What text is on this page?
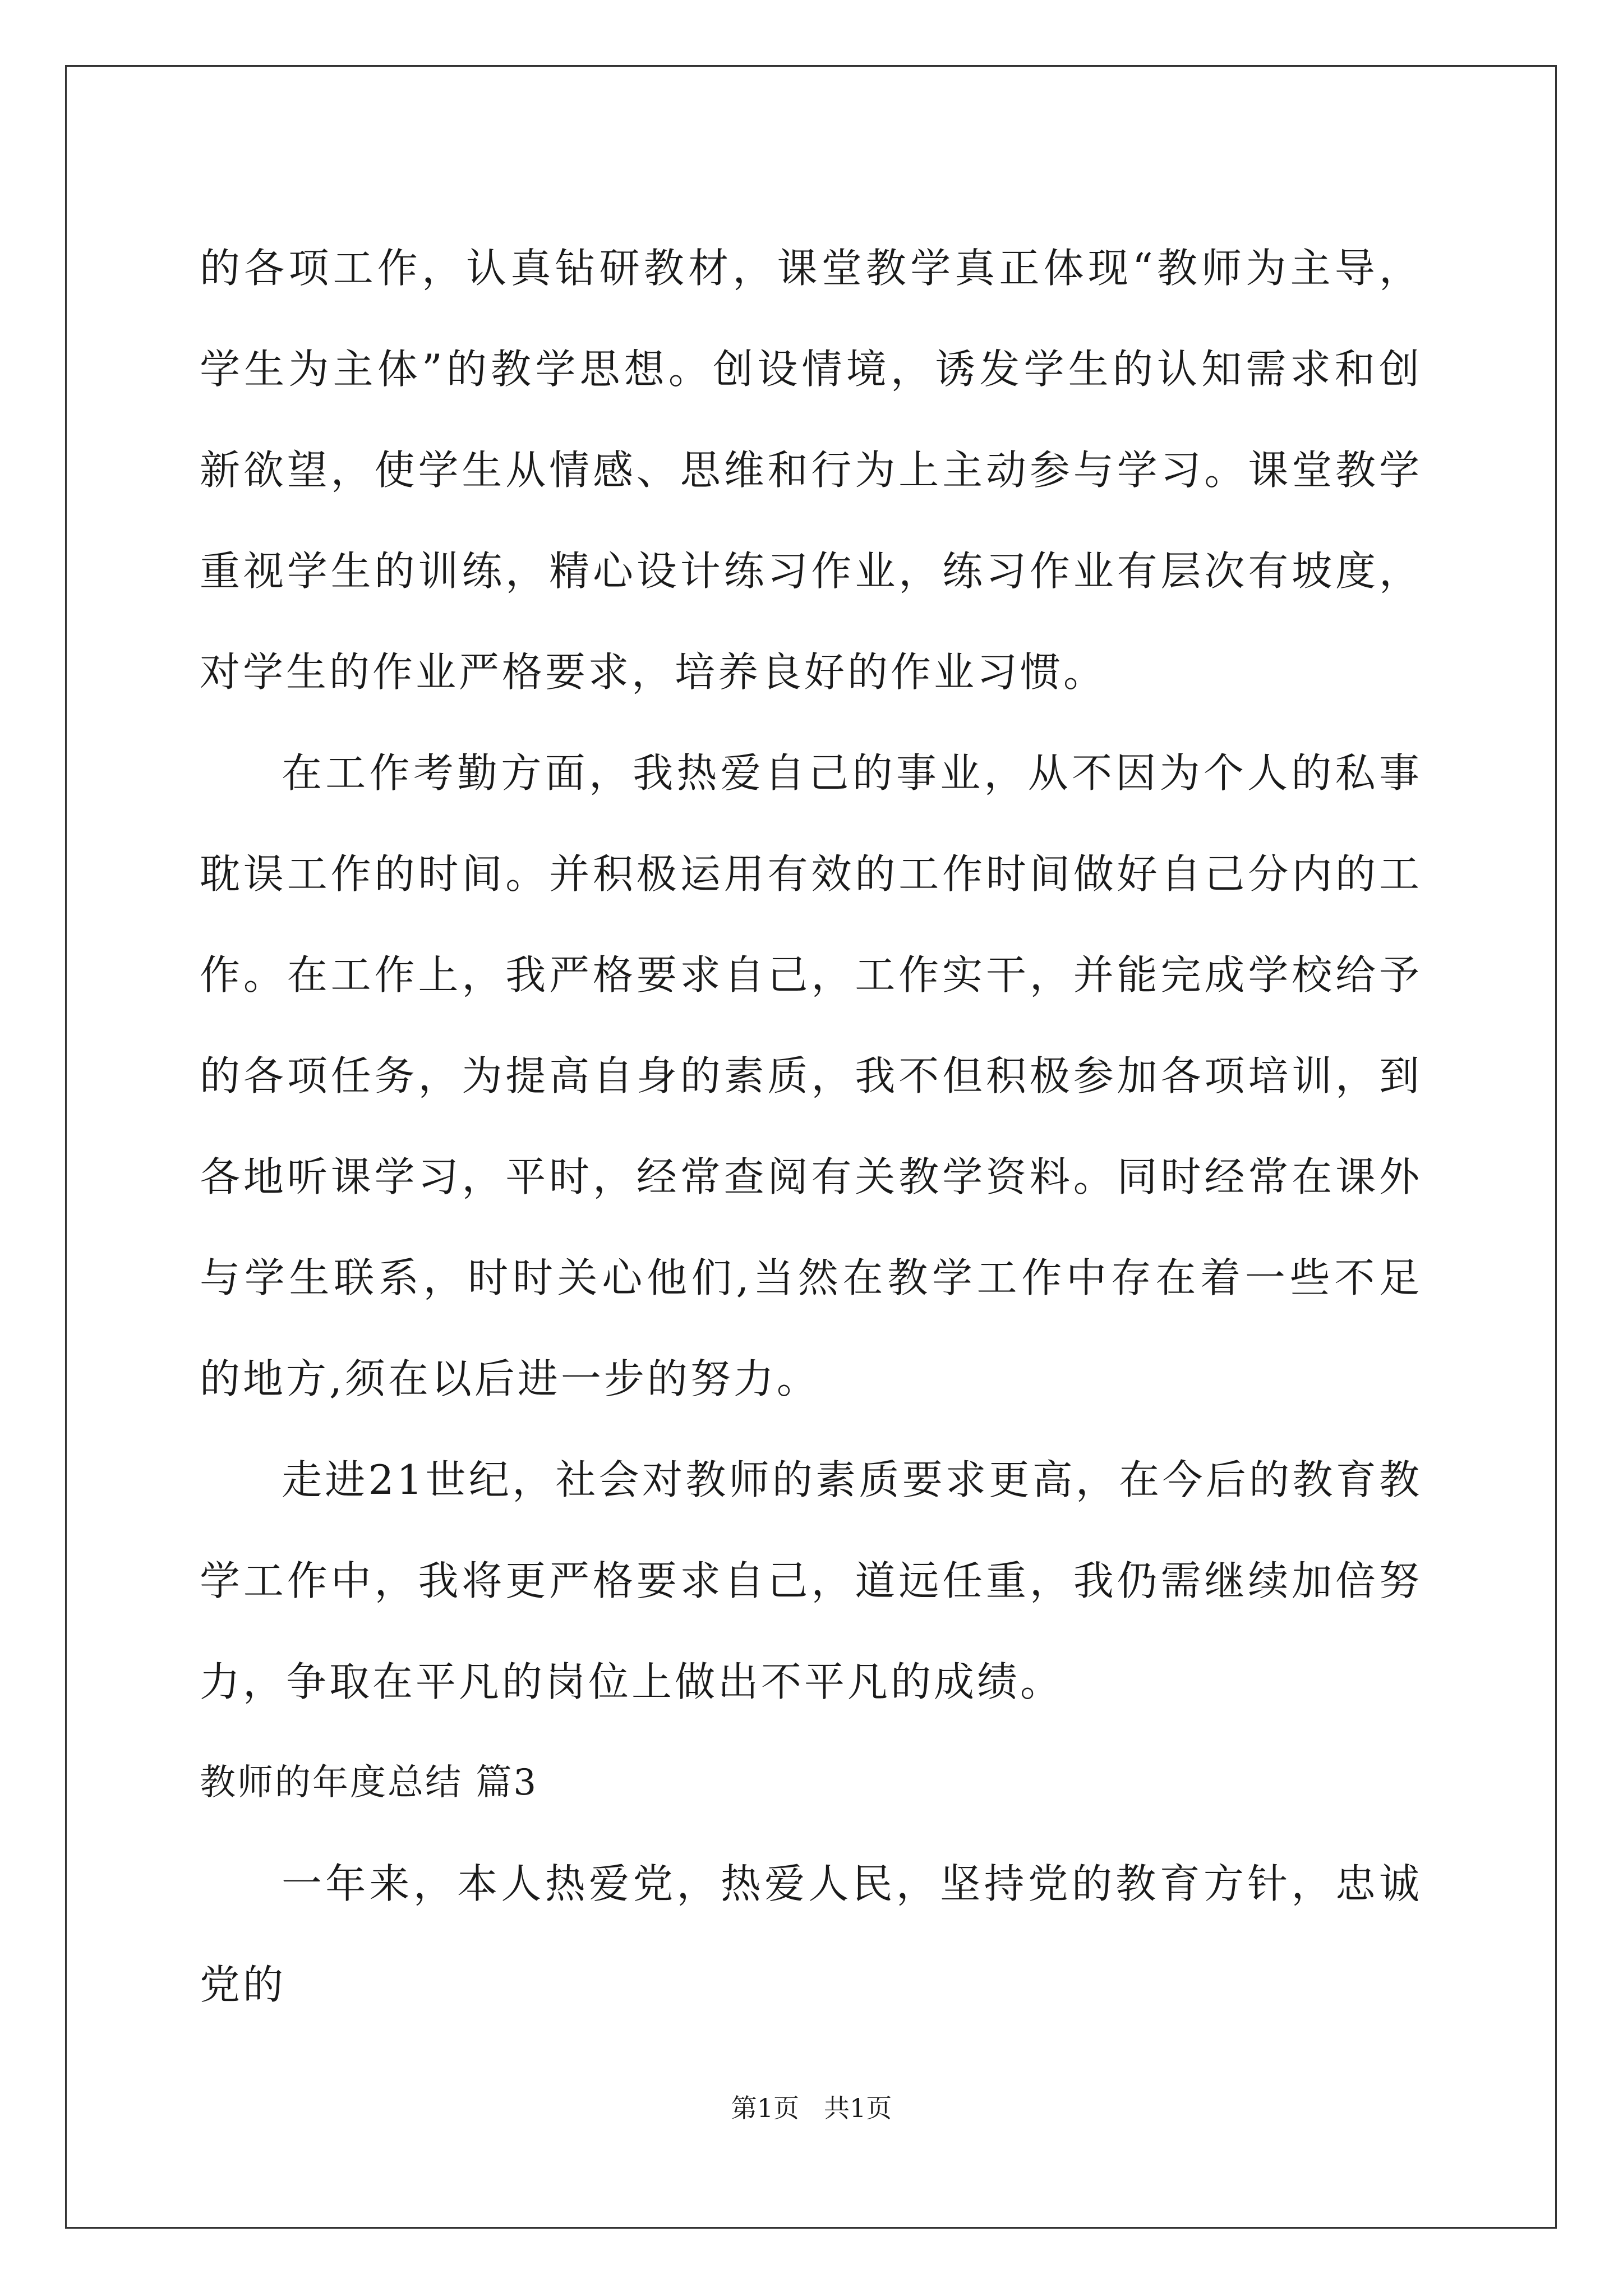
的各项工作，认真钻研教材，课堂教学真正体现“教师为主导，学生为主体”的教学思想。创设情境，诱发学生的认知需求和创新欲望，使学生从情感、思维和行为上主动参与学习。课堂教学重视学生的训练，精心设计练习作业，练习作业有层次有坡度，对学生的作业严格要求，培养良好的作业习惯。

在工作考勤方面，我热爱自己的事业，从不因为个人的私事耽误工作的时间。并积极运用有效的工作时间做好自己分内的工作。在工作上，我严格要求自己，工作实干，并能完成学校给予的各项任务，为提高自身的素质，我不但积极参加各项培训，到各地听课学习，平时，经常查阅有关教学资料。同时经常在课外与学生联系，时时关心他们,当然在教学工作中存在着一些不足的地方,须在以后进一步的努力。

走进21世纪，社会对教师的素质要求更高，在今后的教育教学工作中，我将更严格要求自己，道远任重，我仍需继续加倍努力，争取在平凡的岗位上做出不平凡的成绩。

教师的年度总结 篇3

一年来，本人热爱党，热爱人民，坚持党的教育方针，忠诚党的

第1页 共1页
